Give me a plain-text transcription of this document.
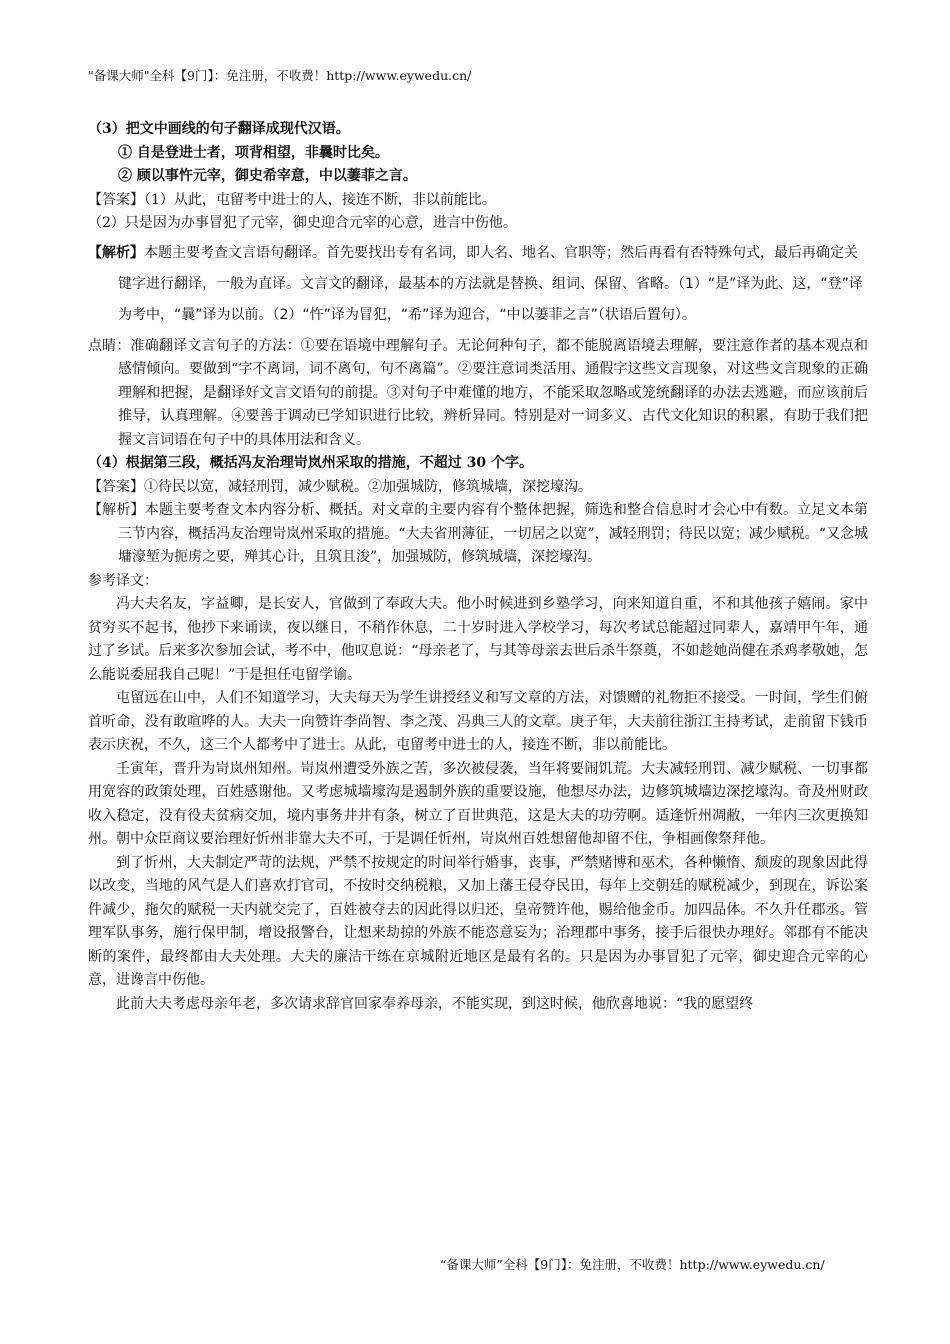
"备课大师"全科【9门】：免注册，不收费！http://www.eywedu.cn/

（3）把文中画线的句子翻译成现代汉语。

① 自是登进士者，项背相望，非曩时比矣。

② 顾以事忤元宰，御史希宰意，中以萋菲之言。

【答案】（1）从此，屯留考中进士的人，接连不断，非以前能比。

（2）只是因为办事冒犯了元宰，御史迎合元宰的心意，进言中伤他。

【解析】本题主要考查文言语句翻译。首先要找出专有名词，即人名、地名、官职等；然后再看有否特殊句式，最后再确定关键字进行翻译，一般为直译。文言文的翻译，最基本的方法就是替换、组词、保留、省略。（1）“是”译为此、这，“登”译为考中，“曩”译为以前。（2）“忤”译为冒犯，“希”译为迎合，“中以萋菲之言”（状语后置句）。

点睛：准确翻译文言句子的方法：①要在语境中理解句子。无论何种句子，都不能脱离语境去理解，要注意作者的基本观点和感情倾向。要做到“字不离词，词不离句，句不离篇”。②要注意词类活用、通假字这些文言现象，对这些文言现象的正确理解和把握，是翻译好文言文语句的前提。③对句子中难懂的地方，不能采取忽略或笼统翻译的办法去逃避，而应该前后推导，认真理解。④要善于调动已学知识进行比较，辨析异同。特别是对一词多义、古代文化知识的积累，有助于我们把握文言词语在句子中的具体用法和含义。

（4）根据第三段，概括冯友治理岢岚州采取的措施，不超过 30 个字。

【答案】①待民以宽，减轻刑罚，减少赋税。②加强城防，修筑城墙，深挖壕沟。

【解析】本题主要考查文本内容分析、概括。对文章的主要内容有个整体把握，筛选和整合信息时才会心中有数。立足文本第三节内容，概括冯友治理岢岚州采取的措施。“大夫省刑薄征，一切居之以宽”，减轻刑罚；待民以宽；减少赋税。“又念城墉濠堑为扼虏之要，殚其心计，且筑且浚”，加强城防，修筑城墙，深挖壕沟。

参考译文：

冯大夫名友，字益卿，是长安人，官做到了奉政大夫。他小时候进到乡塾学习，向来知道自重，不和其他孩子嬉闹。家中贫穷买不起书，他抄下来诵读，夜以继日，不稍作休息，二十岁时进入学校学习，每次考试总能超过同辈人，嘉靖甲午年，通过了乡试。后来多次参加会试，考不中，他叹息说：“母亲老了，与其等母亲去世后杀牛祭奠，不如趁她尚健在杀鸡孝敬她，怎么能说委屈我自己呢！”于是担任屯留学谕。

屯留远在山中，人们不知道学习，大夫每天为学生讲授经义和写文章的方法，对馈赠的礼物拒不接受。一时间，学生们俯首听命，没有敢喧哗的人。大夫一向赞许李尚智、李之茂、冯典三人的文章。庚子年，大夫前往浙江主持考试，走前留下钱币表示庆祝，不久，这三个人都考中了进士。从此，屯留考中进士的人，接连不断，非以前能比。

壬寅年，晋升为岢岚州知州。岢岚州遭受外族之苦，多次被侵袭，当年将要闹饥荒。大夫减轻刑罚、减少赋税、一切事都用宽容的政策处理，百姓感谢他。又考虑城墙壕沟是遏制外族的重要设施，他想尽办法，边修筑城墙边深挖壕沟。奇及州财政收入稳定，没有役夫贫病交加，境内事务井井有条，树立了百世典范，这是大夫的功劳啊。适逢忻州凋敝，一年内三次更换知州。朝中众臣商议要治理好忻州非靠大夫不可，于是调任忻州，岢岚州百姓想留他却留不住，争相画像祭拜他。

到了忻州，大夫制定严苛的法规，严禁不按规定的时间举行婚事，丧事，严禁赌博和巫术，各种懒惰、颓废的现象因此得以改变，当地的风气是人们喜欢打官司，不按时交纳税粮，又加上藩王侵夺民田，每年上交朝廷的赋税减少，到现在，诉讼案件减少，拖欠的赋税一天内就交完了，百姓被夺去的因此得以归还，皇帝赞许他，赐给他金币。加四品体。不久升任郡丞。管理军队事务，施行保甲制，增设报警台，让想来劫掠的外族不能恣意妄为；治理郡中事务，接手后很快办理好。邻郡有不能决断的案件，最终都由大夫处理。大夫的廉洁干练在京城附近地区是最有名的。只是因为办事冒犯了元宰，御史迎合元宰的心意，进谗言中伤他。

此前大夫考虑母亲年老，多次请求辞官回家奉养母亲，不能实现，到这时候，他欣喜地说：“我的愿望终

“备课大师”全科【9门】：免注册，不收费！http://www.eywedu.cn/
